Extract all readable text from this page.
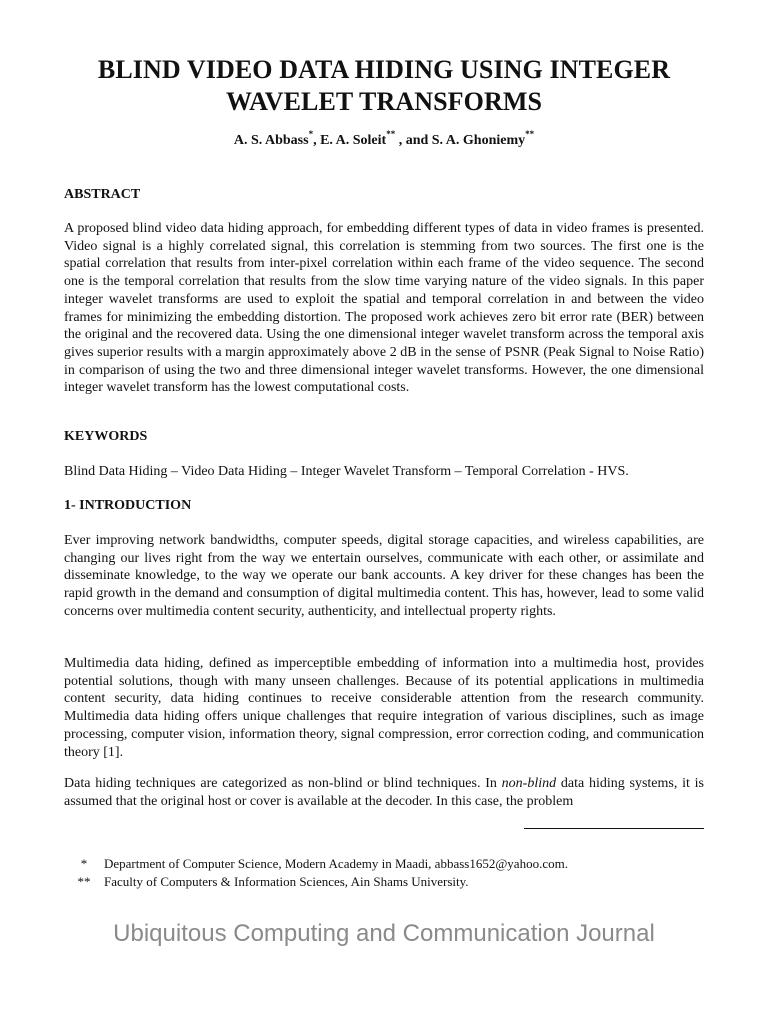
BLIND VIDEO DATA HIDING USING INTEGER
WAVELET TRANSFORMS
A. S. Abbass*, E. A. Soleit** , and S. A. Ghoniemy**
ABSTRACT
A proposed blind video data hiding approach, for embedding different types of data in video frames is presented. Video signal is a highly correlated signal, this correlation is stemming from two sources. The first one is the spatial correlation that results from inter-pixel correlation within each frame of the video sequence. The second one is the temporal correlation that results from the slow time varying nature of the video signals. In this paper integer wavelet transforms are used to exploit the spatial and temporal correlation in and between the video frames for minimizing the embedding distortion. The proposed work achieves zero bit error rate (BER) between the original and the recovered data. Using the one dimensional integer wavelet transform across the temporal axis gives superior results with a margin approximately above 2 dB in the sense of PSNR (Peak Signal to Noise Ratio) in comparison of using the two and three dimensional integer wavelet transforms. However, the one dimensional integer wavelet transform has the lowest computational costs.
KEYWORDS
Blind Data Hiding – Video Data Hiding – Integer Wavelet Transform – Temporal Correlation - HVS.
1- INTRODUCTION
Ever improving network bandwidths, computer speeds, digital storage capacities, and wireless capabilities, are changing our lives right from the way we entertain ourselves, communicate with each other, or assimilate and disseminate knowledge, to the way we operate our bank accounts. A key driver for these changes has been the rapid growth in the demand and consumption of digital multimedia content. This has, however, lead to some valid concerns over multimedia content security, authenticity, and intellectual property rights.
Multimedia data hiding, defined as imperceptible embedding of information into a multimedia host, provides potential solutions, though with many unseen challenges. Because of its potential applications in multimedia content security, data hiding continues to receive considerable attention from the research community. Multimedia data hiding offers unique challenges that require integration of various disciplines, such as image processing, computer vision, information theory, signal compression, error correction coding, and communication theory [1].
Data hiding techniques are categorized as non-blind or blind techniques. In non-blind data hiding systems, it is assumed that the original host or cover is available at the decoder. In this case, the problem
* Department of Computer Science, Modern Academy in Maadi, abbass1652@yahoo.com.
** Faculty of Computers & Information Sciences, Ain Shams University.
Ubiquitous Computing and Communication Journal
